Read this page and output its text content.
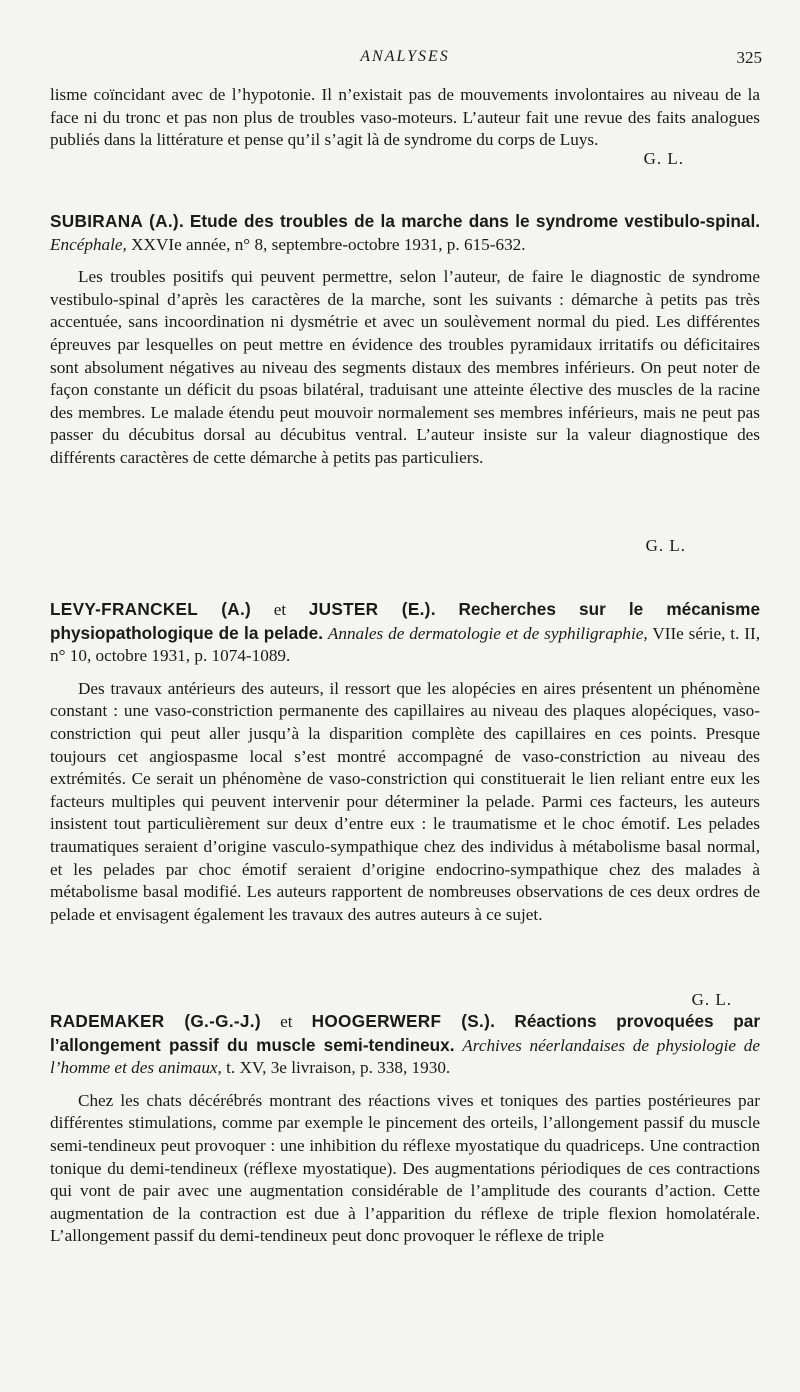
ANALYSES	325

lisme coïncidant avec de l’hypotonie. Il n’existait pas de mouvements involontaires au niveau de la face ni du tronc et pas non plus de troubles vaso-moteurs. L’auteur fait une revue des faits analogues publiés dans la littérature et pense qu’il s’agit là de syndrome du corps de Luys.

G. L.

SUBIRANA (A.). Etude des troubles de la marche dans le syndrome vestibulo-spinal. Encéphale, XXVIe année, n° 8, septembre-octobre 1931, p. 615-632.

Les troubles positifs qui peuvent permettre, selon l’auteur, de faire le diagnostic de syndrome vestibulo-spinal d’après les caractères de la marche, sont les suivants : démarche à petits pas très accentuée, sans incoordination ni dysmétrie et avec un soulèvement normal du pied. Les différentes épreuves par lesquelles on peut mettre en évidence des troubles pyramidaux irritatifs ou déficitaires sont absolument négatives au niveau des segments distaux des membres inférieurs. On peut noter de façon constante un déficit du psoas bilatéral, traduisant une atteinte élective des muscles de la racine des membres. Le malade étendu peut mouvoir normalement ses membres inférieurs, mais ne peut pas passer du décubitus dorsal au décubitus ventral. L’auteur insiste sur la valeur diagnostique des différents caractères de cette démarche à petits pas particuliers.

G. L.

LEVY-FRANCKEL (A.) et JUSTER (E.). Recherches sur le mécanisme physiopathologique de la pelade. Annales de dermatologie et de syphiligraphie, VIIe série, t. II, n° 10, octobre 1931, p. 1074-1089.

Des travaux antérieurs des auteurs, il ressort que les alopécies en aires présentent un phénomène constant : une vaso-constriction permanente des capillaires au niveau des plaques alopéciques, vaso-constriction qui peut aller jusqu’à la disparition complète des capillaires en ces points. Presque toujours cet angiospasme local s’est montré accompagné de vaso-constriction au niveau des extrémités. Ce serait un phénomène de vaso-constriction qui constituerait le lien reliant entre eux les facteurs multiples qui peuvent intervenir pour déterminer la pelade. Parmi ces facteurs, les auteurs insistent tout particulièrement sur deux d’entre eux : le traumatisme et le choc émotif. Les pelades traumatiques seraient d’origine vasculo-sympathique chez des individus à métabolisme basal normal, et les pelades par choc émotif seraient d’origine endocrino-sympathique chez des malades à métabolisme basal modifié. Les auteurs rapportent de nombreuses observations de ces deux ordres de pelade et envisagent également les travaux des autres auteurs à ce sujet.

G. L.

RADEMAKER (G.-G.-J.) et HOOGERWERF (S.). Réactions provoquées par l’allongement passif du muscle semi-tendineux. Archives néerlandaises de physiologie de l’homme et des animaux, t. XV, 3e livraison, p. 338, 1930.

Chez les chats décérébrés montrant des réactions vives et toniques des parties postérieures par différentes stimulations, comme par exemple le pincement des orteils, l’allongement passif du muscle semi-tendineux peut provoquer : une inhibition du réflexe myostatique du quadriceps. Une contraction tonique du demi-tendineux (réflexe myostatique). Des augmentations périodiques de ces contractions qui vont de pair avec une augmentation considérable de l’amplitude des courants d’action. Cette augmentation de la contraction est due à l’apparition du réflexe de triple flexion homolatérale. L’allongement passif du demi-tendineux peut donc provoquer le réflexe de triple
